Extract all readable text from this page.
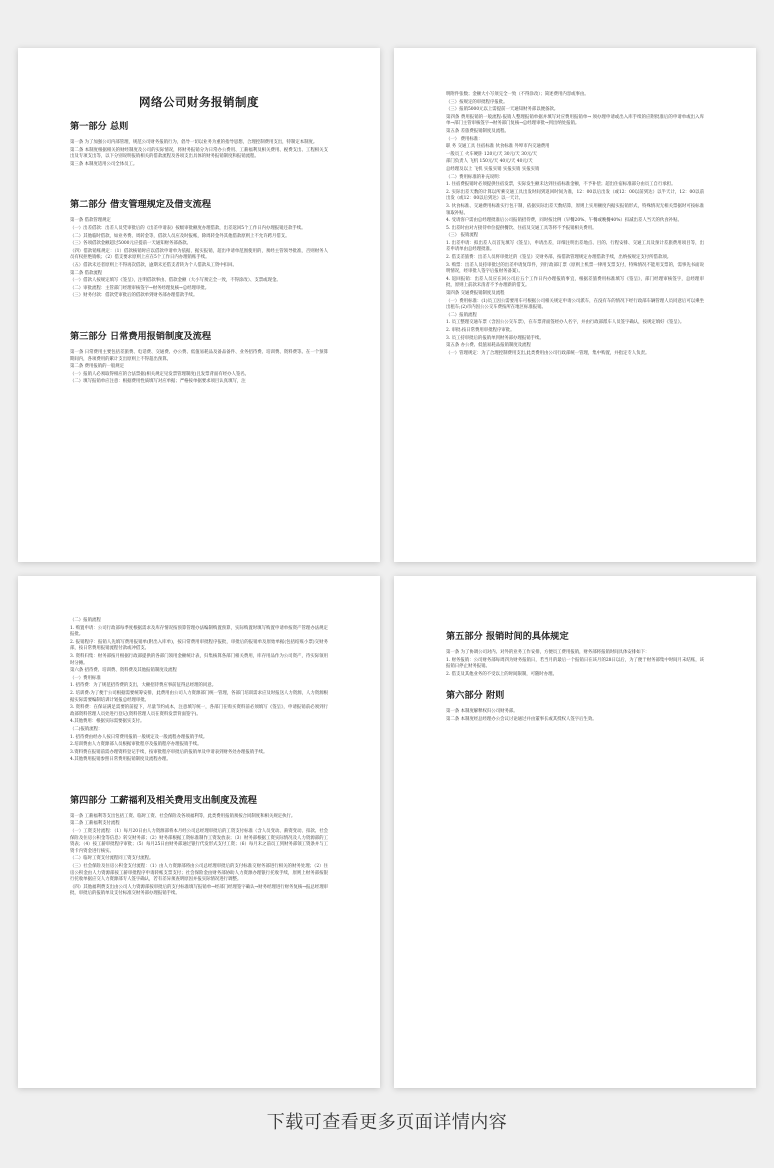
网络公司财务报销制度
第一部分 总则
第一条 为了加强公司内部管理，规范公司财务报销行为，倡导一切以业务为重的指导思想，合理控制费用支出，特制定本制度。
第二条 本制度根据相关的财经制度及公司的实际情况，将财务报销分为日常办公费用、工薪福利及相关费用、税费支出、工程相关支出及专项支出等，以下分别说明报销相关的借款流程及各项支出具体的财务报销制度和报销流程。
第三条 本制度适用公司全体员工。
第二部分 借支管理规定及借支流程
第一条 借款管理规定
（一）出差借款：出差人员凭审批后的《出差申请表》按级审批额度办理借款，出差返回5个工作日内办理报销还款手续。
（二）其他临时借款，如业务费、周转金等，借款人员应及时报帐，除周转金外其他借款原则上不允许跨月借支。
（三）各项借款金额超过5000元应提前一天通知财务部备款。
（四）借款销账规定：（1）借款核销时应以借款申请单为依据，据实报销，超出申请单范围使用的，须经主管领导批准，否则财务人员有权拒绝销帐；（2）借支要求原则上应在5个工作日内办理销账手续。
（五）借款未还者原则上不得再次借款，逾期未还借支者转为个人借款从工资中扣回。
第二条 借款流程
（一）借款人按规定填写《签呈》，注明借款事由、借款金额（大小写须完全一致，不得涂改）、支票或现金。
（二）审批流程：主管部门经理审核签字→财务经理复核→总经理审批。
（三）财务付款：借款凭审批后的借款单到财务部办理借款手续。
第三部分 日常费用报销制度及流程
第一条 日常费用主要包括差旅费、电话费、交通费、办公费、低值易耗品及备品备件、业务招待费、培训费、资料费等。在一个预算期间内，各项费用的累计支出原则上不得超出预算。
第二条 费用报销的一般规定
（一）报销人必须取得相应的合法票据(相关规定见发票管理制度)且发票背面有经办人签名。
（二）填写报销单应注意：根据费用性质填写对应单据；严格按单据要求项目认真填写，注
明附件张数；金额大小写须完全一致（不得涂改）；简述费用内容或事由。
（三）按规定的审批程序报批。
（三）报销5000元以上需提前一天通知财务部以便备款。
第四条 费用报销的一般流程:报销人整理报销单据并填写对应费用报销单→ 须办理申请或出入库手续的应附批准后的申请单或出入库单→部门主管审核签字→财务部门复核→总经理审批→到出纳处报销。
第五条 差旅费报销制度及流程。
（一） 费用标准：
职 务 交通工具 住宿标准 伙食标准 外埠市内交通费用
一般员工 火车硬卧 120元/天 30元/天 30元/天
部门负责人 飞机 150元/天 40元/天 40元/天
总经理及以上 飞机 实报实销 实报实销 实报实销
（二）费用标准的补充说明：
1. 住宿费报销时必须提供住宿发票，实际发生额未达到住宿标准金额，不予补偿；超出住宿标准部分由员工自行承担。
2. 实际出差天数的计算以所乘交通工具出发时间到返回时间为准，12：00以后出发（或12：00以前到达）以半天计，12：00以前出发（或12：00以后到达）以一天计。
3. 伙食标准、交通费用标准实行包干制，依据实际出差天数结算，原则上实用额度内据实报销形式，特殊情况无相关票据时可按标准领取补贴。
4. 受请客户需由总经理批准后公司报销招待费，同时按比例（早餐20%、午餐或晚餐40%）扣减出差人当天的伙食补贴。
5. 出差时由对方接待单位提供餐饮、住宿及交通工具等将不予报销相关费用。
（三） 报销流程
1. 出差申请：拟出差人员首先填写《签呈》，申请出差，详细注明出差地点、目的、行程安排、交通工具及预计差旅费用项目等，出差申请单由总经理批准。
2. 借支差旅费：出差人员将审批过的《签呈》交财务部，按借款管理规定办理借款手续，出纳按规定支付所借款项。
3. 购票：出差人员持审批过的出差申请复印件，到行政部订票（原则上机票一律用支票支付，特殊情况不能用支票的，需事先书面说明情况，经审批人签字后报财务备案）。
4. 返回报销：出差人员应在回公司后五个工作日内办理报销事宜，根据差旅费用标准填写《签呈》，部门经理审核签字，总经理审批，原则上前款未清者不予办理新的借支。
第四条 交通费报销制度及流程
（一）费用标准：(1)员工因公需要用车可根据公司相关规定申请公司派车，在没有车的情况下经行政部车辆管理人员同意后可以乘坐出租车;(2)市内因公公交车费按所在地区标准报销。
（二）报销流程
1. 员工整理交通车票（含因公公交车票），在车票背面签经办人名字，并由行政部派车人员签字确认，按规定填好《签呈》。
2. 审批:按日常费用审批程序审批。
3. 员工持审批后的报销单到财务部办理报销手续。
第五条 办公费、低值易耗品报销制度及流程
（一）管理规定：为了合理控制费用支出,此类费用由公司行政部统一管理，集中购置，并指定专人负责。
（二）报销流程
1. 购置申请：公司行政部每季度根据需求及库存情况按预算管理办法编制购置预算，实际购置时填写购置申请单按资产管理办法规定报批。
2. 报销程序：报销人先填写费用报销单(附出入库单)，按日常费用审批程序报批，审批后的报销单及原始单据(包括结账小票)交财务部，按日常费用报销流程付款或冲借支。
3. 资料归集：财务部按月根据行政部提供的各部门领用金额统计表，归集核算各部门相关费用，库存用品作为公司资产，待实际领用时分摊。
第六条 招待费、培训费、资料费及其他报销制度及流程
（一）费用标准
1. 招待费：为了规范招待费的支出，大额招待费应事前征得总经理的同意。
2. 培训费:为了便于公司根据需要统筹安排，此费用由公司人力资源部门统一管理，各部门培训需求应及时报送人力资源，人力资源根据实际需要编制培训计划报总经理审批。
3. 资料费：在保证满足需要的前提下，尽量节约成本，注意填写统一，各部门在购买资料前必须填写《签呈》，申请报销前必须到行政部资料管理人员处进行登记(资料管理人员在资料发票背面签字)。
4.其他费用：根据实际需要据实支付。
（二)报销流程：
1. 招待费由经办人按日常费用报销一般规定及一般流程办理报销手续。
2.培训费由人力资源部人员根据审批程序及报销程序办理报销手续。
3.资料费在报销前需办理资料登记手续，按审批程序审批后的报销单及申请表到财务处办理报销手续。
4.其他费用报销参照日常费用报销制度及流程办理。
第四部分 工薪福利及相关费用支出制度及流程
第一条 工薪福利等支出包括工资、临时工资、社会保险及各项福利等，此类费用报销须按合同制度和相关规定执行。
第二条 工薪福利支付流程
（一）工资支付流程：（1）每月20日由人力资源部将本月经公司总经理审批后的工资支付标准（含人员变动、薪资变动、扣款、社会保险及住房公积金等信息）转交财务部；（2）财务部根据工资标准制作工资发放表；（3）财务部根据工资实际情况及人力资源部的工资表；（4）按工薪审批程序审批；（5）每月25日由财务部通过银行代发形式支付工资；（6）每月未之前员工到财务部领工资条并与工资卡内资金进行核实。
（二）临时工资支付流程同工资支付流程。
（三）社会保险及住房公积金支付流程：（1）由人力资源部将由公司总经理审批后的支付标准交财务部进行相关的财务处理；（2）住房公积金由人力资源部按工薪审批程序申请转帐支票支付；社会保险金由财务部协助人力资源办理银行托收手续，原则上财务部按银行托收单据应交人力资源部专人签字确认，若有差异须查明原因并报实际情况进行调整。
（四）其他福利费支出由公司人力资源部按审批后的支付标准填写报销单→经部门经理签字确认→财务经理进行财务复核→报总经理审批，审批后的报销单及支付标准交财务部办理报销手续。
第五部分 报销时间的具体规定
第一条 为了协调公司对内、对外的业务工作安排，方便员工费用报销，财务部将报销时间具体安排如下：
1. 财务报销：公司财务部每周四为财务报销日，若当月的最后一个报销日在该月的28日以后，为了便于财务部集中时间月末结账，该报销日停止财务报销。
2. 借支及其他业务的不受以上的时间限制，可随时办理。
第六部分 附则
第一条 本制度解释权归公司财务部。
第二条 本制度经总经理办公会议讨论通过并由董事长或其授权人签字后生效。
下载可查看更多页面详情内容
